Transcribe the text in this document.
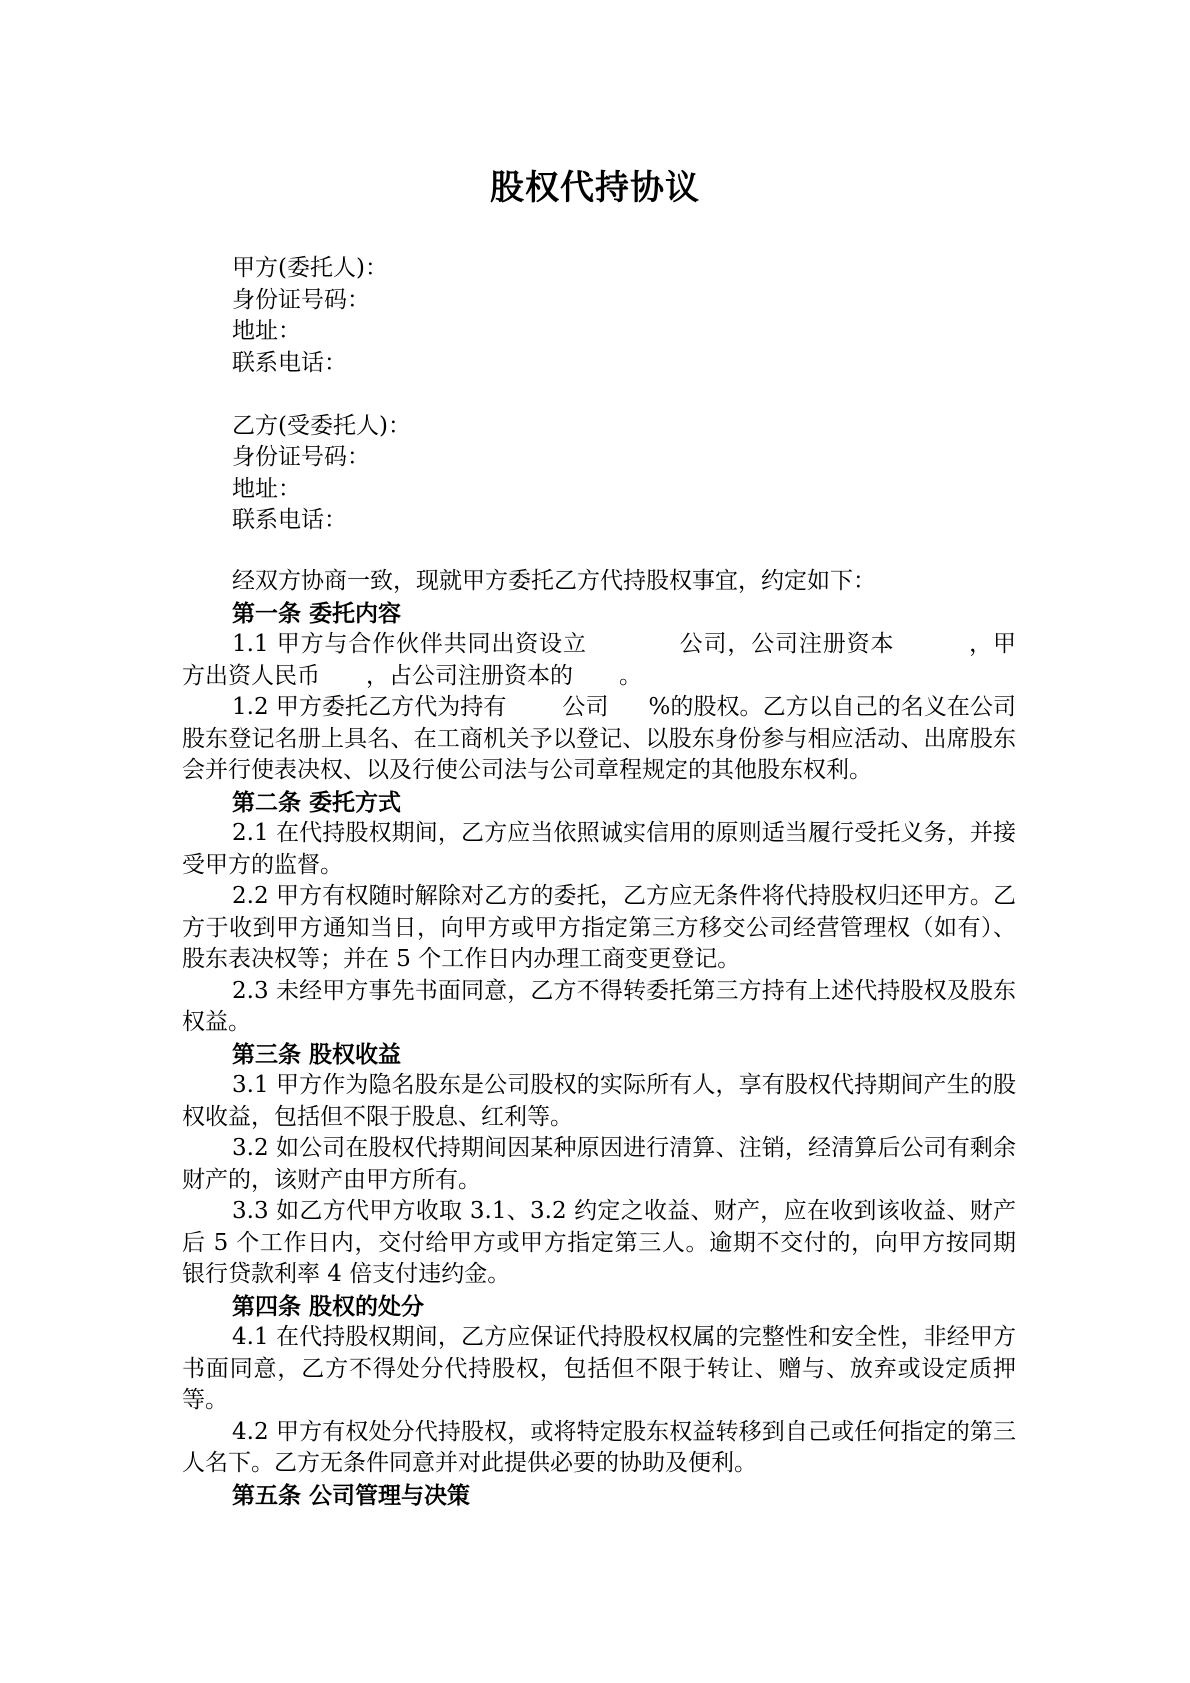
股权代持协议
甲方(委托人)：
身份证号码：
地址：
联系电话：
乙方(受委托人)：
身份证号码：
地址：
联系电话：
经双方协商一致，现就甲方委托乙方代持股权事宜，约定如下：
第一条 委托内容

1.1 甲方与合作伙伴共同出资设立	公司，公司注册资本	，甲方出资人民币 ，占公司注册资本的 。

1.2 甲方委托乙方代为持有 公司 %的股权。乙方以自己的名义在公司股东登记名册上具名、在工商机关予以登记、以股东身份参与相应活动、出席股东会并行使表决权、以及行使公司法与公司章程规定的其他股东权利。

第二条 委托方式

2.1 在代持股权期间，乙方应当依照诚实信用的原则适当履行受托义务，并接受甲方的监督。

2.2 甲方有权随时解除对乙方的委托，乙方应无条件将代持股权归还甲方。乙方于收到甲方通知当日，向甲方或甲方指定第三方移交公司经营管理权（如有）、股东表决权等；并在 5 个工作日内办理工商变更登记。

2.3 未经甲方事先书面同意，乙方不得转委托第三方持有上述代持股权及股东权益。

第三条 股权收益

3.1 甲方作为隐名股东是公司股权的实际所有人，享有股权代持期间产生的股权收益，包括但不限于股息、红利等。

3.2 如公司在股权代持期间因某种原因进行清算、注销，经清算后公司有剩余财产的，该财产由甲方所有。

3.3 如乙方代甲方收取 3.1、3.2 约定之收益、财产，应在收到该收益、财产后 5 个工作日内，交付给甲方或甲方指定第三人。逾期不交付的，向甲方按同期银行贷款利率 4 倍支付违约金。

第四条 股权的处分

4.1 在代持股权期间，乙方应保证代持股权权属的完整性和安全性，非经甲方书面同意，乙方不得处分代持股权，包括但不限于转让、赠与、放弃或设定质押等。

4.2 甲方有权处分代持股权，或将特定股东权益转移到自己或任何指定的第三人名下。乙方无条件同意并对此提供必要的协助及便利。

第五条 公司管理与决策
